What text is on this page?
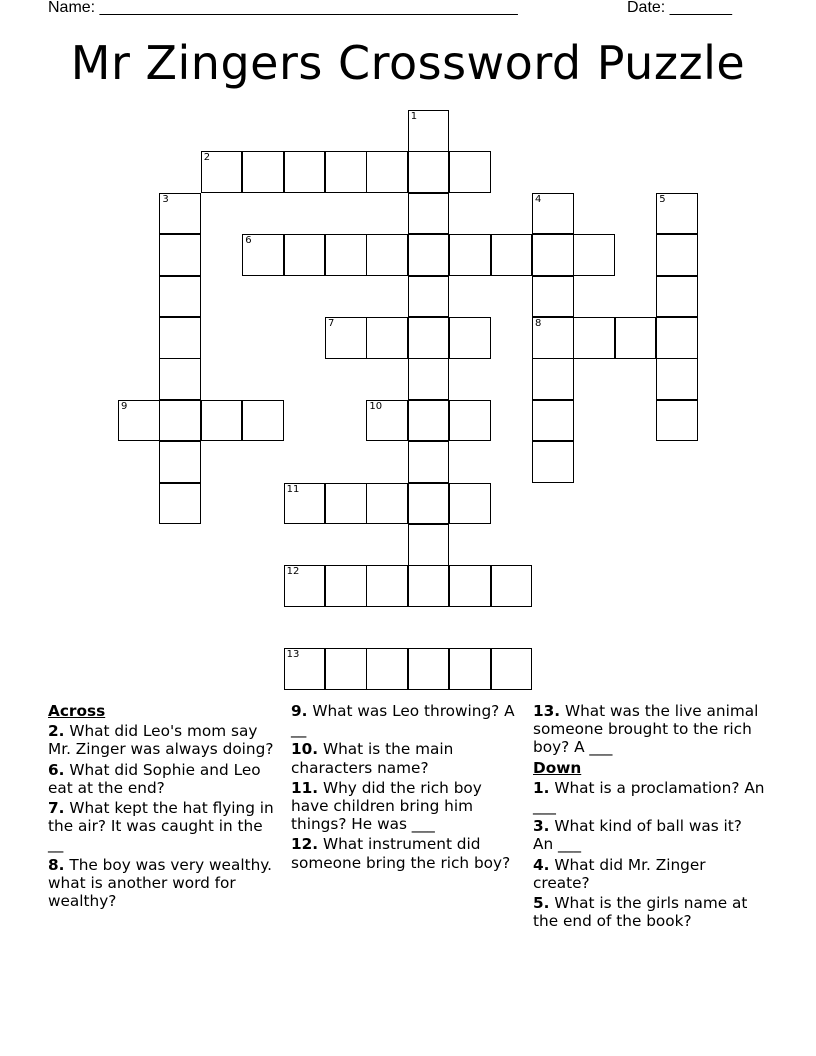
Name: _______________________________________________	Date: _______
Mr Zingers Crossword Puzzle
1
2
3	4
8
5
6
7
9	10
11
12
13
Across
2. What did Leo's mom say Mr. Zinger was always doing?
6. What did Sophie and Leo eat at the end?
7. What kept the hat flying in the air? It was caught in the __
8. The boy was very wealthy. what is another word for wealthy?
9. What was Leo throwing? A __
10. What is the main characters name?
11. Why did the rich boy have children bring him things? He was ___
12. What instrument did someone bring the rich boy?
13. What was the live animal someone brought to the rich boy? A ___
Down
1. What is a proclamation? An ___
3. What kind of ball was it? An ___
4. What did Mr. Zinger create?
5. What is the girls name at the end of the book?
